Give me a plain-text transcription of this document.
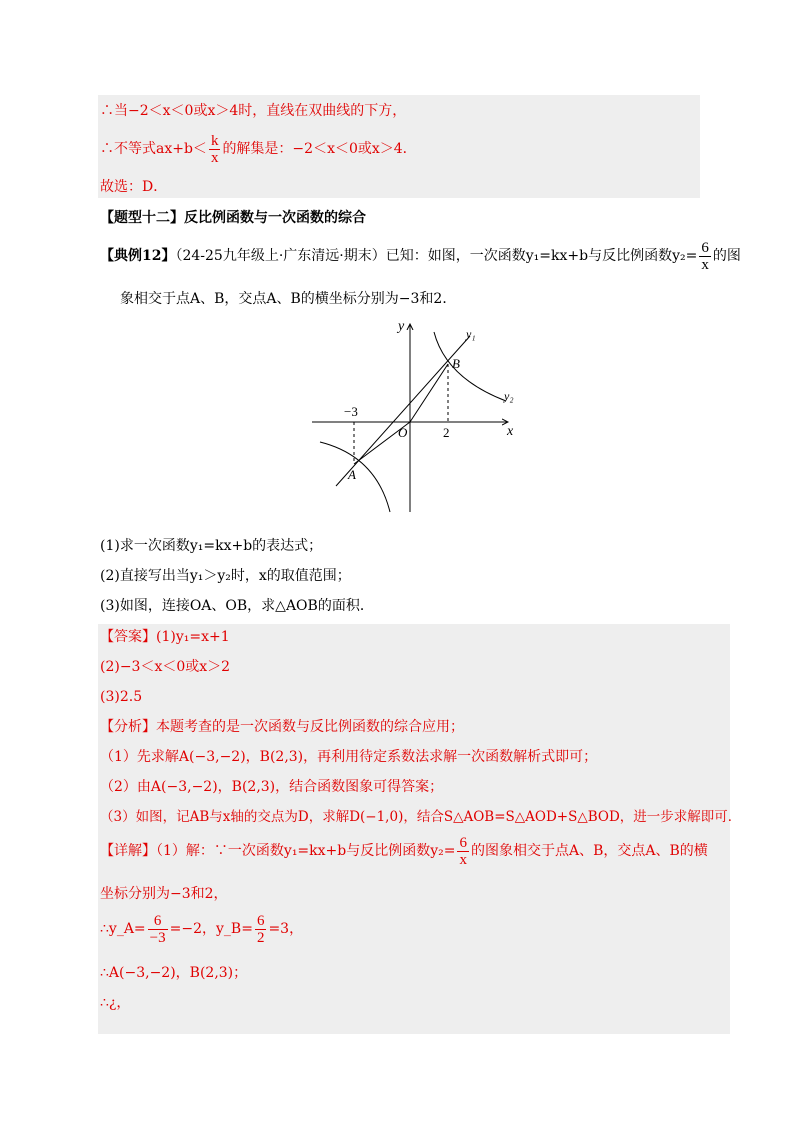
∴当−2＜x＜0或x＞4时，直线在双曲线的下方，
∴不等式$ax+b< \frac{k}{x}$ 的解集是：−2＜x＜0或x＞4．
故选：D．
【题型十二】反比例函数与一次函数的综合
【典例12】（24-25九年级上·广东清远·期末）已知：如图，一次函数y₁=kx+b与反比例函数$y_2= \frac{6}{x}$ 的图
象相交于点A、B，交点A、B的横坐标分别为−3和2．
y
x
O
A
B
y₁
y₂
−3
2
(1)求一次函数y₁=kx+b的表达式；
(2)直接写出当y₁＞y₂时，x的取值范围；
(3)如图，连接OA、OB，求△AOB的面积．
【答案】(1)y₁=x+1
(2)−3＜x＜0或x＞2
(3)2.5
【分析】本题考查的是一次函数与反比例函数的综合应用；
（1）先求解A(−3,−2)，B(2,3)，再利用待定系数法求解一次函数解析式即可；
（2）由A(−3,−2)，B(2,3)，结合函数图象可得答案；
（3）如图，记AB与x轴的交点为D，求解D(−1,0)，结合S△AOB=S△AOD+S△BOD，进一步求解即可．
【详解】（1）解：∵一次函数y₁=kx+b与反比例函数$y_2= \frac{6}{x}$ 的图象相交于点A、B，交点A、B的横
坐标分别为−3和2，
∴y_A= $\frac{6}{-3} =-2$，y_B= $\frac{6}{2} =3$，
∴A(−3,−2)，B(2,3)；
∴¿，
